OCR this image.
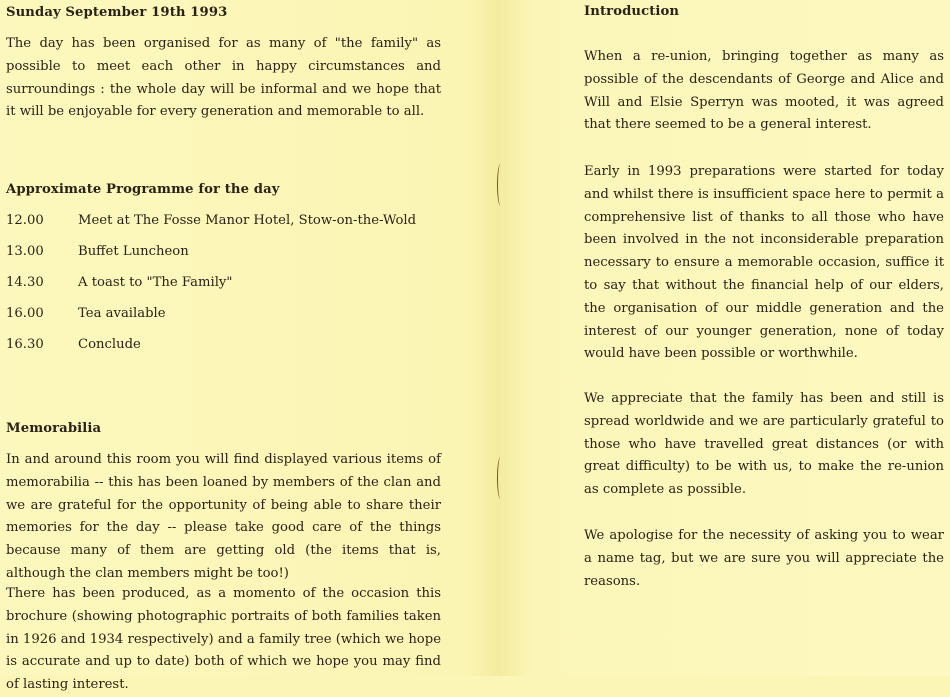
Sunday September 19th 1993

The day has been organised for as many of "the family" as possible to meet each other in happy circumstances and surroundings : the whole day will be informal and we hope that it will be enjoyable for every generation and memorable to all.

Approximate Programme for the day
12.00	Meet at The Fosse Manor Hotel, Stow-on-the-Wold
13.00	Buffet Luncheon
14.30	A toast to "The Family"
16.00	Tea available
16.30	Conclude
Memorabilia

In and around this room you will find displayed various items of memorabilia -- this has been loaned by members of the clan and we are grateful for the opportunity of being able to share their memories for the day -- please take good care of the things because many of them are getting old (the items that is, although the clan members might be too!)

There has been produced, as a momento of the occasion this brochure (showing photographic portraits of both families taken in 1926 and 1934 respectively) and a family tree (which we hope is accurate and up to date) both of which we hope you may find of lasting interest.

Introduction

When a re-union, bringing together as many as possible of the descendants of George and Alice and Will and Elsie Sperryn was mooted, it was agreed that there seemed to be a general interest.

Early in 1993 preparations were started for today and whilst there is insufficient space here to permit a comprehensive list of thanks to all those who have been involved in the not inconsiderable preparation necessary to ensure a memorable occasion, suffice it to say that without the financial help of our elders, the organisation of our middle generation and the interest of our younger generation, none of today would have been possible or worthwhile.

We appreciate that the family has been and still is spread worldwide and we are particularly grateful to those who have travelled great distances (or with great difficulty) to be with us, to make the re-union as complete as possible.

We apologise for the necessity of asking you to wear a name tag, but we are sure you will appreciate the reasons.
